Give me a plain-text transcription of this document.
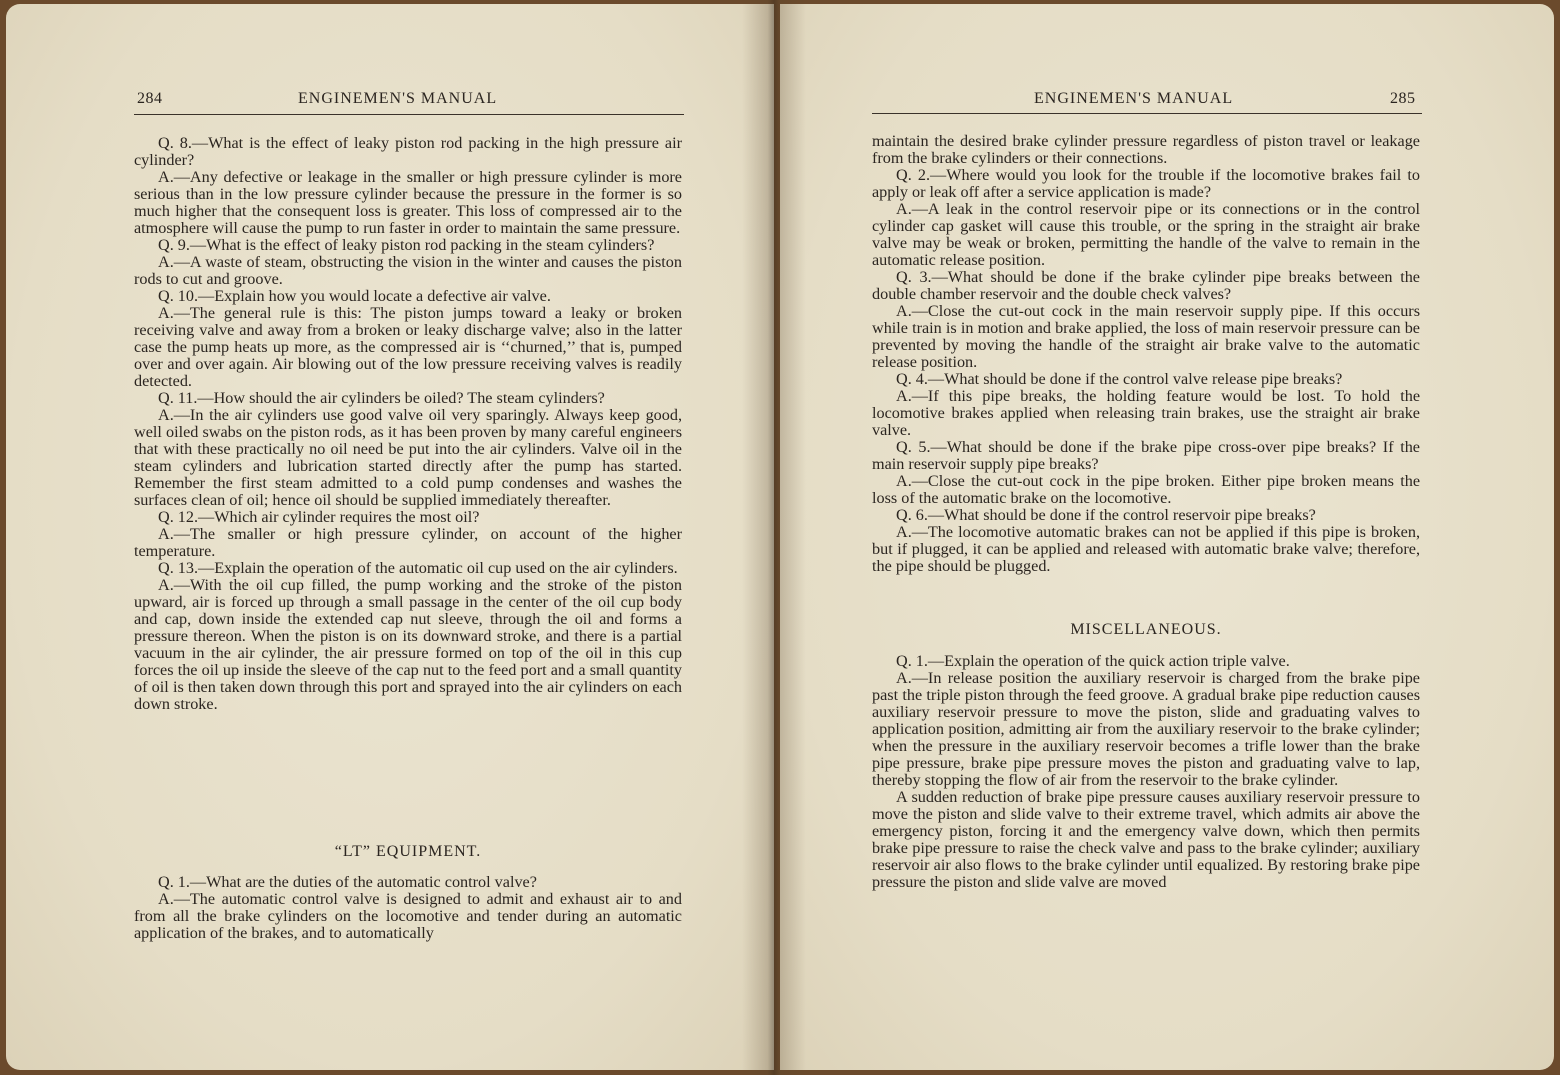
284	ENGINEMEN'S MANUAL

Q. 8.—What is the effect of leaky piston rod packing in the high pressure air cylinder?

A.—Any defective or leakage in the smaller or high pressure cylinder is more serious than in the low pressure cylinder because the pressure in the former is so much higher that the consequent loss is greater. This loss of compressed air to the atmosphere will cause the pump to run faster in order to maintain the same pressure.

Q. 9.—What is the effect of leaky piston rod packing in the steam cylinders?

A.—A waste of steam, obstructing the vision in the winter and causes the piston rods to cut and groove.

Q. 10.—Explain how you would locate a defective air valve.

A.—The general rule is this: The piston jumps toward a leaky or broken receiving valve and away from a broken or leaky discharge valve; also in the latter case the pump heats up more, as the compressed air is ‘‘churned,’’ that is, pumped over and over again. Air blowing out of the low pressure receiving valves is readily detected.

Q. 11.—How should the air cylinders be oiled? The steam cylinders?

A.—In the air cylinders use good valve oil very sparingly. Always keep good, well oiled swabs on the piston rods, as it has been proven by many careful engineers that with these practically no oil need be put into the air cylinders. Valve oil in the steam cylinders and lubrication started directly after the pump has started. Remember the first steam admitted to a cold pump condenses and washes the surfaces clean of oil; hence oil should be supplied immediately thereafter.

Q. 12.—Which air cylinder requires the most oil?

A.—The smaller or high pressure cylinder, on account of the higher temperature.

Q. 13.—Explain the operation of the automatic oil cup used on the air cylinders.

A.—With the oil cup filled, the pump working and the stroke of the piston upward, air is forced up through a small passage in the center of the oil cup body and cap, down inside the extended cap nut sleeve, through the oil and forms a pressure thereon. When the piston is on its downward stroke, and there is a partial vacuum in the air cylinder, the air pressure formed on top of the oil in this cup forces the oil up inside the sleeve of the cap nut to the feed port and a small quantity of oil is then taken down through this port and sprayed into the air cylinders on each down stroke.

“LT” EQUIPMENT.

Q. 1.—What are the duties of the automatic control valve?

A.—The automatic control valve is designed to admit and exhaust air to and from all the brake cylinders on the locomotive and tender during an automatic application of the brakes, and to automatically

ENGINEMEN'S MANUAL	285

maintain the desired brake cylinder pressure regardless of piston travel or leakage from the brake cylinders or their connections.

Q. 2.—Where would you look for the trouble if the locomotive brakes fail to apply or leak off after a service application is made?

A.—A leak in the control reservoir pipe or its connections or in the control cylinder cap gasket will cause this trouble, or the spring in the straight air brake valve may be weak or broken, permitting the handle of the valve to remain in the automatic release position.

Q. 3.—What should be done if the brake cylinder pipe breaks between the double chamber reservoir and the double check valves?

A.—Close the cut-out cock in the main reservoir supply pipe. If this occurs while train is in motion and brake applied, the loss of main reservoir pressure can be prevented by moving the handle of the straight air brake valve to the automatic release position.

Q. 4.—What should be done if the control valve release pipe breaks?

A.—If this pipe breaks, the holding feature would be lost. To hold the locomotive brakes applied when releasing train brakes, use the straight air brake valve.

Q. 5.—What should be done if the brake pipe cross-over pipe breaks? If the main reservoir supply pipe breaks?

A.—Close the cut-out cock in the pipe broken. Either pipe broken means the loss of the automatic brake on the locomotive.

Q. 6.—What should be done if the control reservoir pipe breaks?

A.—The locomotive automatic brakes can not be applied if this pipe is broken, but if plugged, it can be applied and released with automatic brake valve; therefore, the pipe should be plugged.

MISCELLANEOUS.

Q. 1.—Explain the operation of the quick action triple valve.

A.—In release position the auxiliary reservoir is charged from the brake pipe past the triple piston through the feed groove. A gradual brake pipe reduction causes auxiliary reservoir pressure to move the piston, slide and graduating valves to application position, admitting air from the auxiliary reservoir to the brake cylinder; when the pressure in the auxiliary reservoir becomes a trifle lower than the brake pipe pressure, brake pipe pressure moves the piston and graduating valve to lap, thereby stopping the flow of air from the reservoir to the brake cylinder.

A sudden reduction of brake pipe pressure causes auxiliary reservoir pressure to move the piston and slide valve to their extreme travel, which admits air above the emergency piston, forcing it and the emergency valve down, which then permits brake pipe pressure to raise the check valve and pass to the brake cylinder; auxiliary reservoir air also flows to the brake cylinder until equalized. By restoring brake pipe pressure the piston and slide valve are moved
